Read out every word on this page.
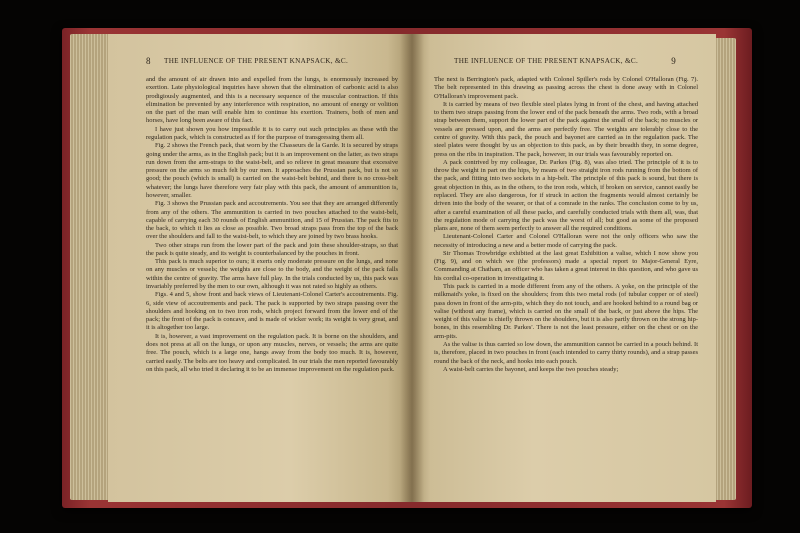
8 THE INFLUENCE OF THE PRESENT KNAPSACK, &C.

and the amount of air drawn into and expelled from the lungs, is enormously increased by exertion. Late physiological inquiries have shown that the elimination of carbonic acid is also prodigiously augmented, and this is a necessary sequence of the muscular contraction. If this elimination be prevented by any interference with respiration, no amount of energy or volition on the part of the man will enable him to continue his exertion. Trainers, both of men and horses, have long been aware of this fact.

I have just shown you how impossible it is to carry out such principles as these with the regulation pack, which is constructed as if for the purpose of transgressing them all.

Fig. 2 shows the French pack, that worn by the Chasseurs de la Garde. It is secured by straps going under the arms, as in the English pack; but it is an improvement on the latter, as two straps run down from the arm-straps to the waist-belt, and so relieve in great measure that excessive pressure on the arms so much felt by our men. It approaches the Prussian pack, but is not so good; the pouch (which is small) is carried on the waist-belt behind, and there is no cross-belt whatever; the lungs have therefore very fair play with this pack, the amount of ammunition is, however, smaller.

Fig. 3 shows the Prussian pack and accoutrements. You see that they are arranged differently from any of the others. The ammunition is carried in two pouches attached to the waist-belt, capable of carrying each 30 rounds of English ammunition, and 15 of Prussian. The pack fits to the back, to which it lies as close as possible. Two broad straps pass from the top of the back over the shoulders and fall to the waist-belt, to which they are joined by two brass hooks.

Two other straps run from the lower part of the pack and join these shoulder-straps, so that the pack is quite steady, and its weight is counterbalanced by the pouches in front.

This pack is much superior to ours; it exerts only moderate pressure on the lungs, and none on any muscles or vessels; the weights are close to the body, and the weight of the pack falls within the centre of gravity. The arms have full play. In the trials conducted by us, this pack was invariably preferred by the men to our own, although it was not rated so highly as others.

Figs. 4 and 5, show front and back views of Lieutenant-Colonel Carter's accoutrements. Fig. 6, side view of accoutrements and pack. The pack is supported by two straps passing over the shoulders and hooking on to two iron rods, which project forward from the lower end of the pack; the front of the pack is concave, and is made of wicker work; its weight is very great, and it is altogether too large.

It is, however, a vast improvement on the regulation pack. It is borne on the shoulders, and does not press at all on the lungs, or upon any muscles, nerves, or vessels; the arms are quite free. The pouch, which is a large one, hangs away from the body too much. It is, however, carried easily. The belts are too heavy and complicated. In our trials the men reported favourably on this pack, all who tried it declaring it to be an immense improvement on the regulation pack.

THE INFLUENCE OF THE PRESENT KNAPSACK, &C.	9

The next is Berrington's pack, adapted with Colonel Spiller's rods by Colonel O'Halloran (Fig. 7). The belt represented in this drawing as passing across the chest is done away with in Colonel O'Halloran's improvement pack.

It is carried by means of two flexible steel plates lying in front of the chest, and having attached to them two straps passing from the lower end of the pack beneath the arms. Two rods, with a broad strap between them, support the lower part of the pack against the small of the back; no muscles or vessels are pressed upon, and the arms are perfectly free. The weights are tolerably close to the centre of gravity. With this pack, the pouch and bayonet are carried as in the regulation pack. The steel plates were thought by us an objection to this pack, as by their breadth they, in some degree, press on the ribs in inspiration. The pack, however, in our trials was favourably reported on.

A pack contrived by my colleague, Dr. Parkes (Fig. 8), was also tried. The principle of it is to throw the weight in part on the hips, by means of two straight iron rods running from the bottom of the pack, and fitting into two sockets in a hip-belt. The principle of this pack is sound, but there is great objection in this, as in the others, to the iron rods, which, if broken on service, cannot easily be replaced. They are also dangerous, for if struck in action the fragments would almost certainly be driven into the body of the wearer, or that of a comrade in the ranks. The conclusion come to by us, after a careful examination of all these packs, and carefully conducted trials with them all, was, that the regulation mode of carrying the pack was the worst of all; but good as some of the proposed plans are, none of them seem perfectly to answer all the required conditions.

Lieutenant-Colonel Carter and Colonel O'Halloran were not the only officers who saw the necessity of introducing a new and a better mode of carrying the pack.

Sir Thomas Trowbridge exhibited at the last great Exhibition a valise, which I now show you (Fig. 9), and on which we (the professors) made a special report to Major-General Eyre, Commanding at Chatham, an officer who has taken a great interest in this question, and who gave us his cordial co-operation in investigating it.

This pack is carried in a mode different from any of the others. A yoke, on the principle of the milkmaid's yoke, is fixed on the shoulders; from this two metal rods (of tubular copper or of steel) pass down in front of the arm-pits, which they do not touch, and are hooked behind to a round bag or valise (without any frame), which is carried on the small of the back, or just above the hips. The weight of this valise is chiefly thrown on the shoulders, but it is also partly thrown on the strong hip-bones, in this resembling Dr. Parkes'. There is not the least pressure, either on the chest or on the arm-pits.

As the valise is thus carried so low down, the ammunition cannot be carried in a pouch behind. It is, therefore, placed in two pouches in front (each intended to carry thirty rounds), and a strap passes round the back of the neck, and hooks into each pouch.

A waist-belt carries the bayonet, and keeps the two pouches steady;
